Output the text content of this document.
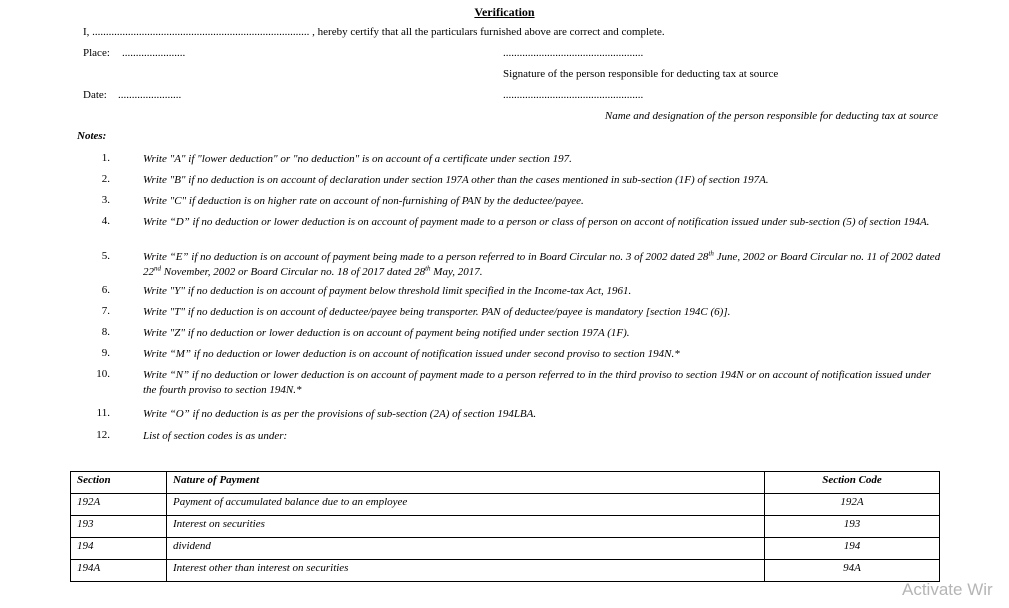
Verification
I, ............................................................................... , hereby certify that all the particulars furnished above are correct and complete.
Place: .......................	...................................................
Signature of the person responsible for deducting tax at source
Date: .......................	...................................................
Name and designation of the person responsible for deducting tax at source
Notes:
1.	Write "A" if "lower deduction" or "no deduction" is on account of a certificate under section 197.
2.	Write "B" if no deduction is on account of declaration under section 197A other than the cases mentioned in sub-section (1F) of section 197A.
3.	Write "C" if deduction is on higher rate on account of non-furnishing of PAN by the deductee/payee.
4.	Write “D” if no deduction or lower deduction is on account of payment made to a person or class of person on accont of notification issued under sub-section (5) of section 194A.
5.	Write “E” if no deduction is on account of payment being made to a person referred to in Board Circular no. 3 of 2002 dated 28th June, 2002 or Board Circular no. 11 of 2002 dated 22nd November, 2002 or Board Circular no. 18 of 2017 dated 28th May, 2017.
6.	Write "Y" if no deduction is on account of payment below threshold limit specified in the Income-tax Act, 1961.
7.	Write "T" if no deduction is on account of deductee/payee being transporter. PAN of deductee/payee is mandatory [section 194C (6)].
8.	Write "Z" if no deduction or lower deduction is on account of payment being notified under section 197A (1F).
9.	Write “M” if no deduction or lower deduction is on account of notification issued under second proviso to section 194N.*
10.	Write “N” if no deduction or lower deduction is on account of payment made to a person referred to in the third proviso to section 194N or on account of notification issued under the fourth proviso to section 194N.*
11.	Write “O” if no deduction is as per the provisions of sub-section (2A) of section 194LBA.
12.	List of section codes is as under:
Section	Nature of Payment	Section Code
192A	Payment of accumulated balance due to an employee	192A
193	Interest on securities	193
194	dividend	194
194A	Interest other than interest on securities	94A
Activate Wir
